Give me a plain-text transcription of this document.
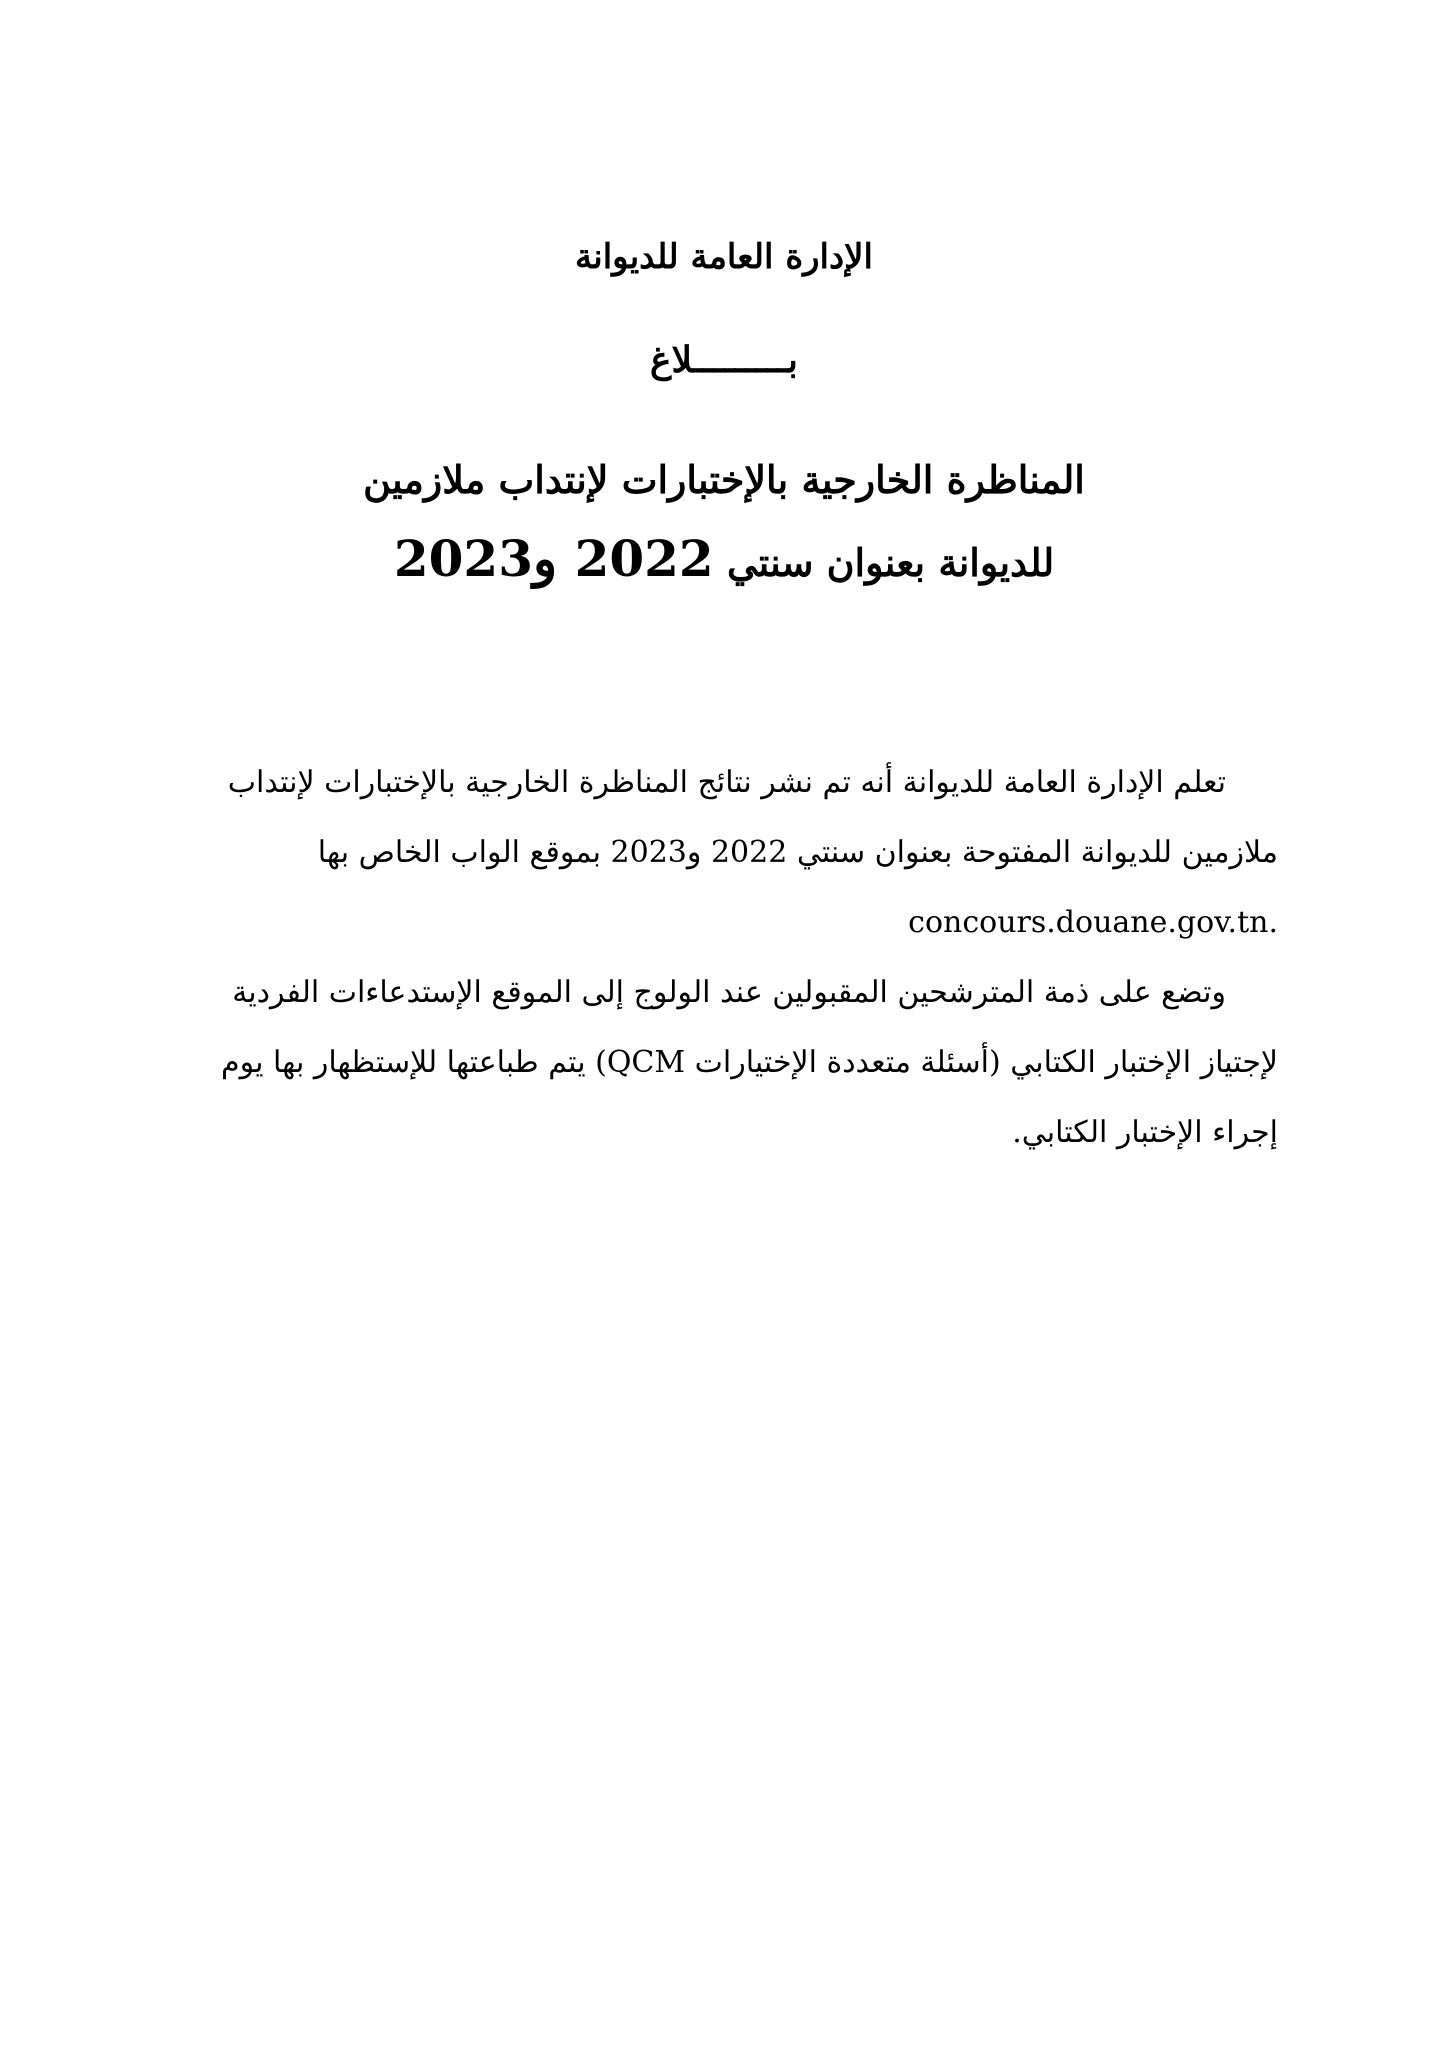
الإدارة العامة للديوانة
بـــــــــلاغ
المناظرة الخارجية بالإختبارات لإنتداب ملازمين
للديوانة بعنوان سنتي 2022 و2023
تعلم الإدارة العامة للديوانة أنه تم نشر نتائج المناظرة الخارجية بالإختبارات لإنتداب
ملازمين للديوانة المفتوحة بعنوان سنتي 2022 و2023 بموقع الواب الخاص بها
concours.douane.gov.tn.
وتضع على ذمة المترشحين المقبولين عند الولوج إلى الموقع الإستدعاءات الفردية
لإجتياز الإختبار الكتابي (أسئلة متعددة الإختيارات QCM) يتم طباعتها للإستظهار بها يوم
إجراء الإختبار الكتابي.
